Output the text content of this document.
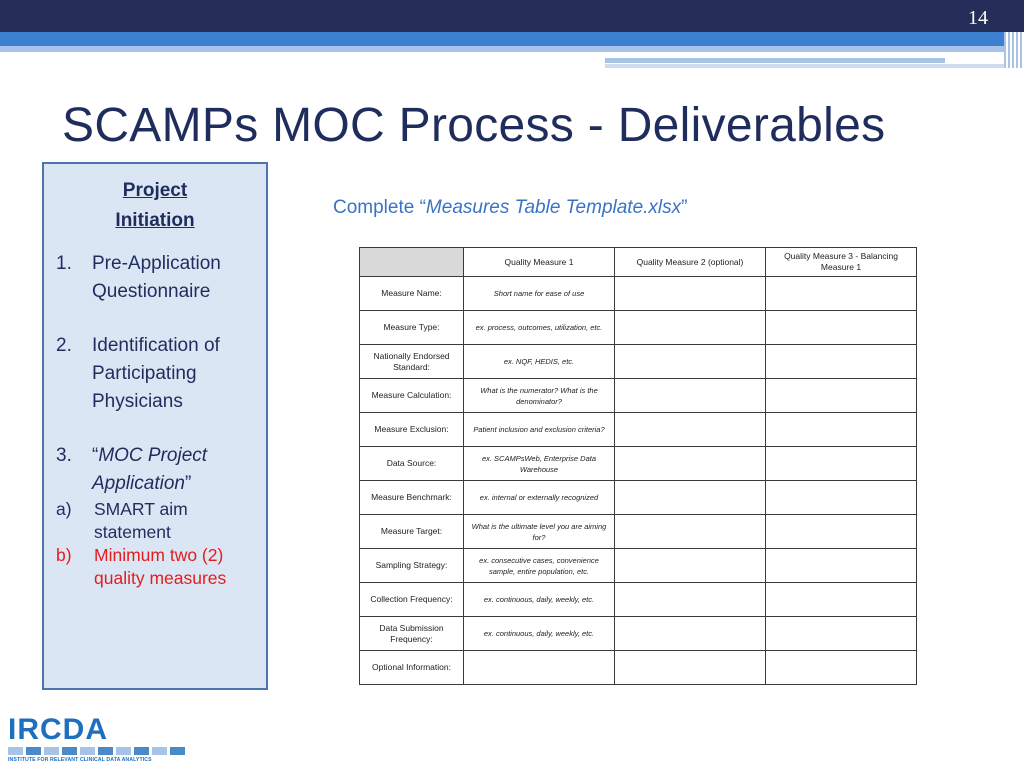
14
SCAMPs MOC Process - Deliverables
Project
Initiation
1.	Pre-Application Questionnaire
2.	Identification of Participating Physicians
3.	“MOC Project Application”
a)	SMART aim statement
b)	Minimum two (2) quality measures
Complete “Measures Table Template.xlsx”
	Quality Measure 1	Quality Measure 2 (optional)	Quality Measure 3 - Balancing Measure 1
Measure Name:	Short name for ease of use		
Measure Type:	ex. process, outcomes, utilization, etc.		
Nationally Endorsed Standard:	ex. NQF, HEDIS, etc.		
Measure Calculation:	What is the numerator? What is the denominator?		
Measure Exclusion:	Patient inclusion and exclusion criteria?		
Data Source:	ex. SCAMPsWeb, Enterprise Data Warehouse		
Measure Benchmark:	ex. internal or externally recognized		
Measure Target:	What is the ultimate level you are aiming for?		
Sampling Strategy:	ex. consecutive cases, convenience sample, entire population, etc.		
Collection Frequency:	ex. continuous, daily, weekly, etc.		
Data Submission Frequency:	ex. continuous, daily, weekly, etc.		
Optional Information:			
IRCDA
INSTITUTE FOR RELEVANT CLINICAL DATA ANALYTICS
